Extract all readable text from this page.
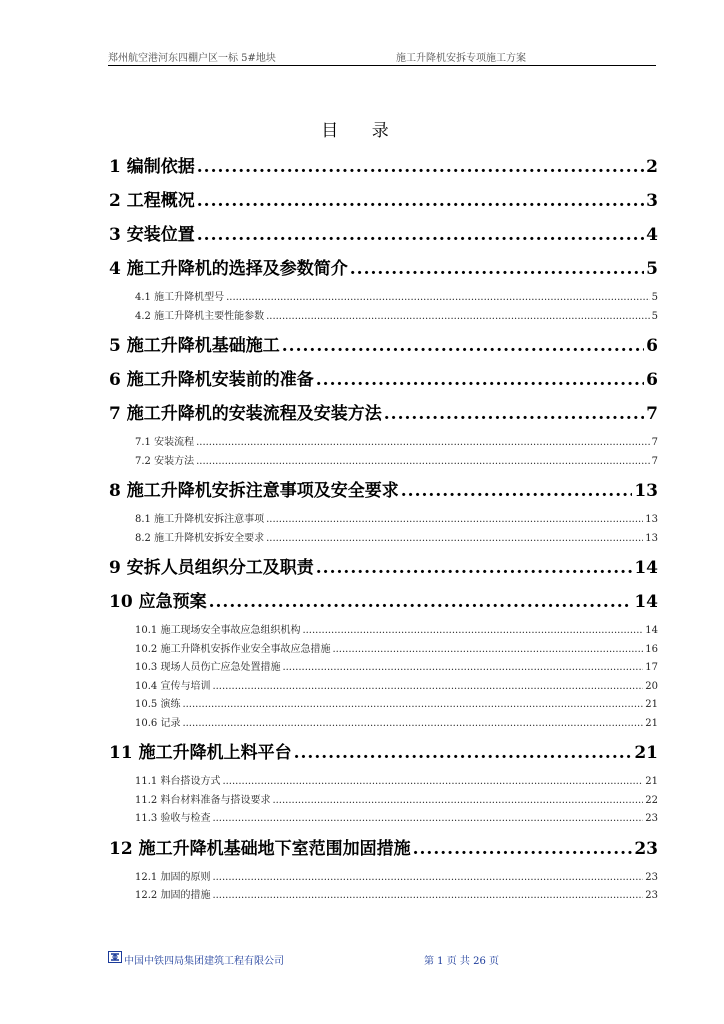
郑州航空港河东四棚户区一标 5#地块	施工升降机安拆专项施工方案
目 录
1 编制依据 .....	2
2 工程概况 .....	3
3 安装位置 .....	4
4 施工升降机的选择及参数简介 .....	5
4.1 施工升降机型号 .....	5
4.2 施工升降机主要性能参数 .....	5
5 施工升降机基础施工 .....	6
6 施工升降机安装前的准备 .....	6
7 施工升降机的安装流程及安装方法 .....	7
7.1 安装流程 .....	7
7.2 安装方法 .....	7
8 施工升降机安拆注意事项及安全要求 .....	13
8.1 施工升降机安拆注意事项 .....	13
8.2 施工升降机安拆安全要求 .....	13
9 安拆人员组织分工及职责 .....	14
10 应急预案 .....	14
10.1 施工现场安全事故应急组织机构 .....	14
10.2 施工升降机安拆作业安全事故应急措施 .....	16
10.3 现场人员伤亡应急处置措施 .....	17
10.4 宣传与培训 .....	20
10.5 演练 .....	21
10.6 记录 .....	21
11 施工升降机上料平台 .....	21
11.1 料台搭设方式 .....	21
11.2 料台材料准备与搭设要求 .....	22
11.3 验收与检查 .....	23
12 施工升降机基础地下室范围加固措施 .....	23
12.1 加固的原则 .....	23
12.2 加固的措施 .....	23
中国中铁四局集团建筑工程有限公司	第 1 页 共 26 页
